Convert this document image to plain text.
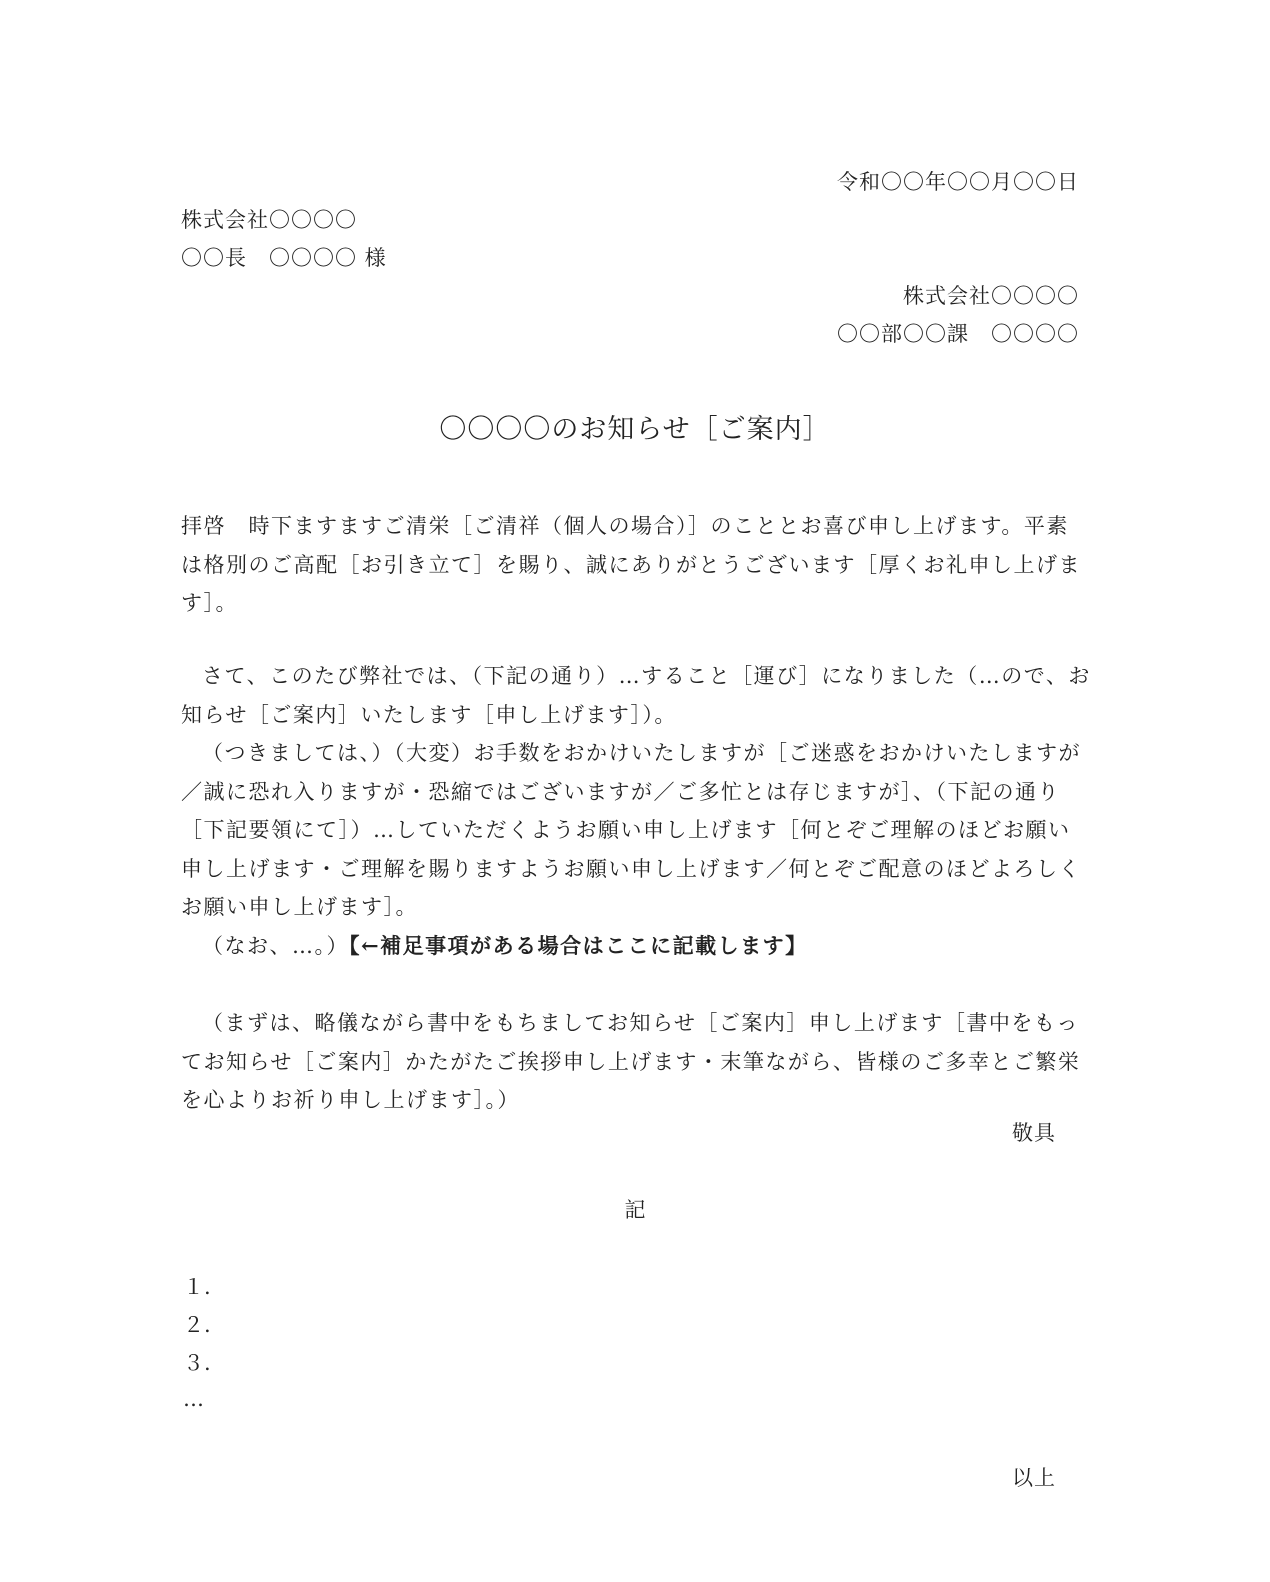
令和〇〇年〇〇月〇〇日
株式会社〇〇〇〇
〇〇長　〇〇〇〇 様
株式会社〇〇〇〇
〇〇部〇〇課　〇〇〇〇
〇〇〇〇のお知らせ［ご案内］
拝啓　時下ますますご清栄［ご清祥（個人の場合）］のこととお喜び申し上げます。平素は格別のご高配［お引き立て］を賜り、誠にありがとうございます［厚くお礼申し上げます］。
さて、このたび弊社では、（下記の通り）…すること［運び］になりました（…ので、お知らせ［ご案内］いたします［申し上げます］）。
（つきましては、）（大変）お手数をおかけいたしますが［ご迷惑をおかけいたしますが／誠に恐れ入りますが・恐縮ではございますが／ご多忙とは存じますが］、（下記の通り［下記要領にて］）…していただくようお願い申し上げます［何とぞご理解のほどお願い申し上げます・ご理解を賜りますようお願い申し上げます／何とぞご配意のほどよろしくお願い申し上げます］。
（なお、…。）【←補足事項がある場合はここに記載します】
（まずは、略儀ながら書中をもちましてお知らせ［ご案内］申し上げます［書中をもってお知らせ［ご案内］かたがたご挨拶申し上げます・末筆ながら、皆様のご多幸とご繁栄を心よりお祈り申し上げます］。）
敬具
記
１.
２.
３.
…
以上
